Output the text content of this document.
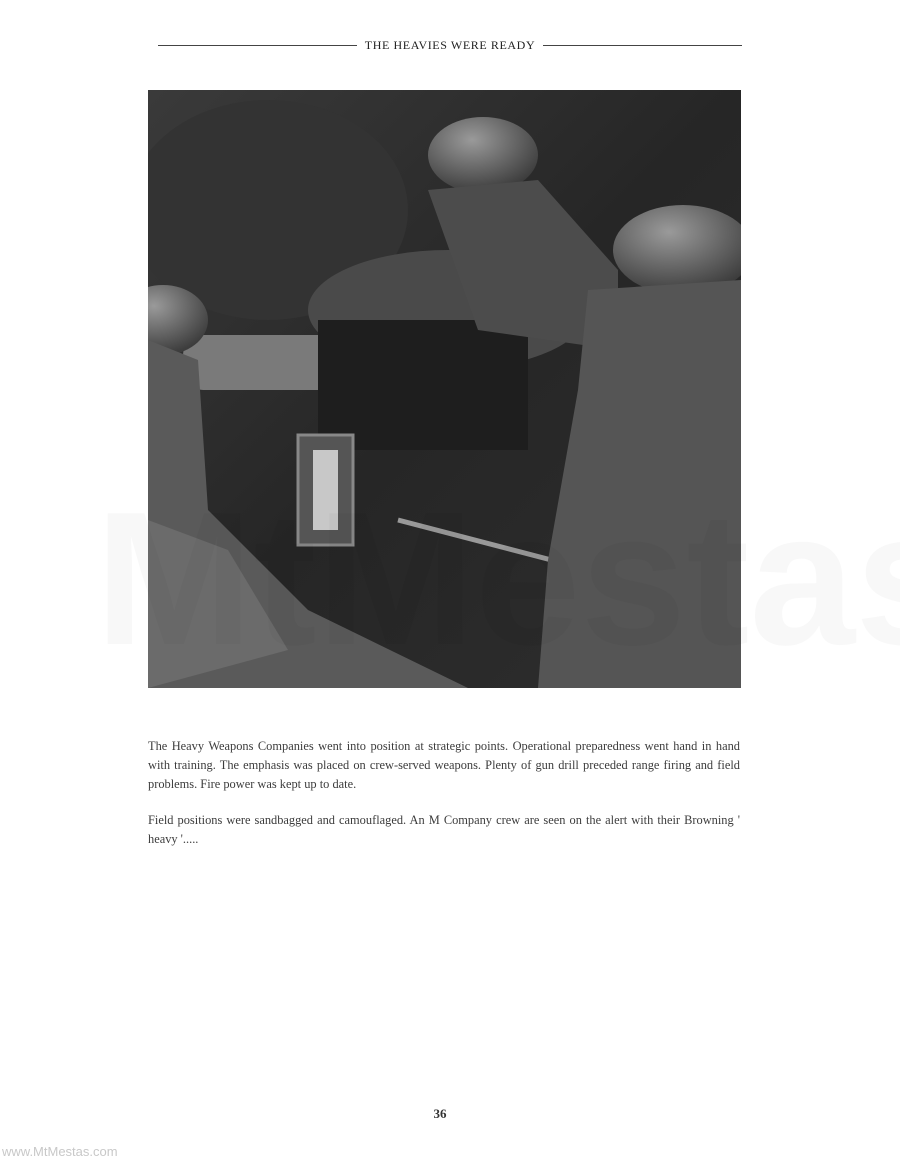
THE HEAVIES WERE READY

The Heavy Weapons Companies went into position at strategic points. Operational preparedness went hand in hand with training. The emphasis was placed on crew-served weapons. Plenty of gun drill preceded range firing and field problems. Fire power was kept up to date.

Field positions were sandbagged and camouflaged. An M Company crew are seen on the alert with their Browning ' heavy '.....

36
www.MtMestas.com
